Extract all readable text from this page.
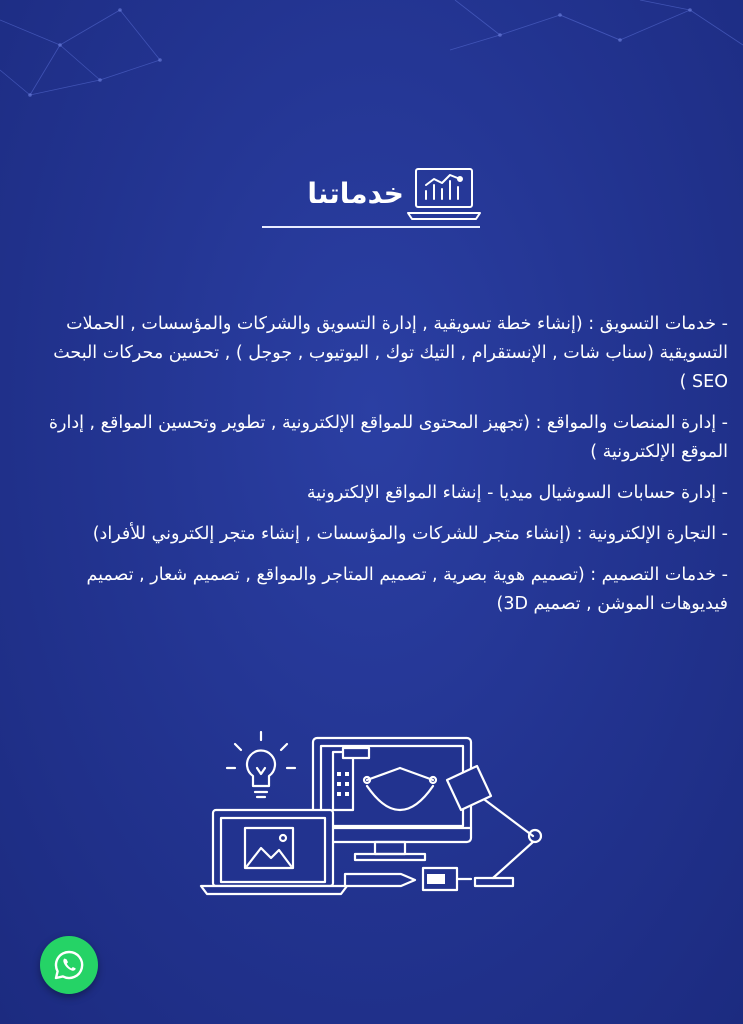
خدماتنا

- خدمات التسويق : (إنشاء خطة تسويقية , إدارة التسويق والشركات والمؤسسات , الحملات التسويقية (سناب شات , الإنستقرام , التيك توك , اليوتيوب , جوجل ) , تحسين محركات البحث SEO )

- إدارة المنصات والمواقع : (تجهيز المحتوى للمواقع الإلكترونية , تطوير وتحسين المواقع , إدارة الموقع الإلكترونية )

- إدارة حسابات السوشيال ميديا - إنشاء المواقع الإلكترونية

- التجارة الإلكترونية : (إنشاء متجر للشركات والمؤسسات , إنشاء متجر إلكتروني للأفراد)

- خدمات التصميم : (تصميم هوية بصرية , تصميم المتاجر والمواقع , تصميم شعار , تصميم فيديوهات الموشن , تصميم 3D)
